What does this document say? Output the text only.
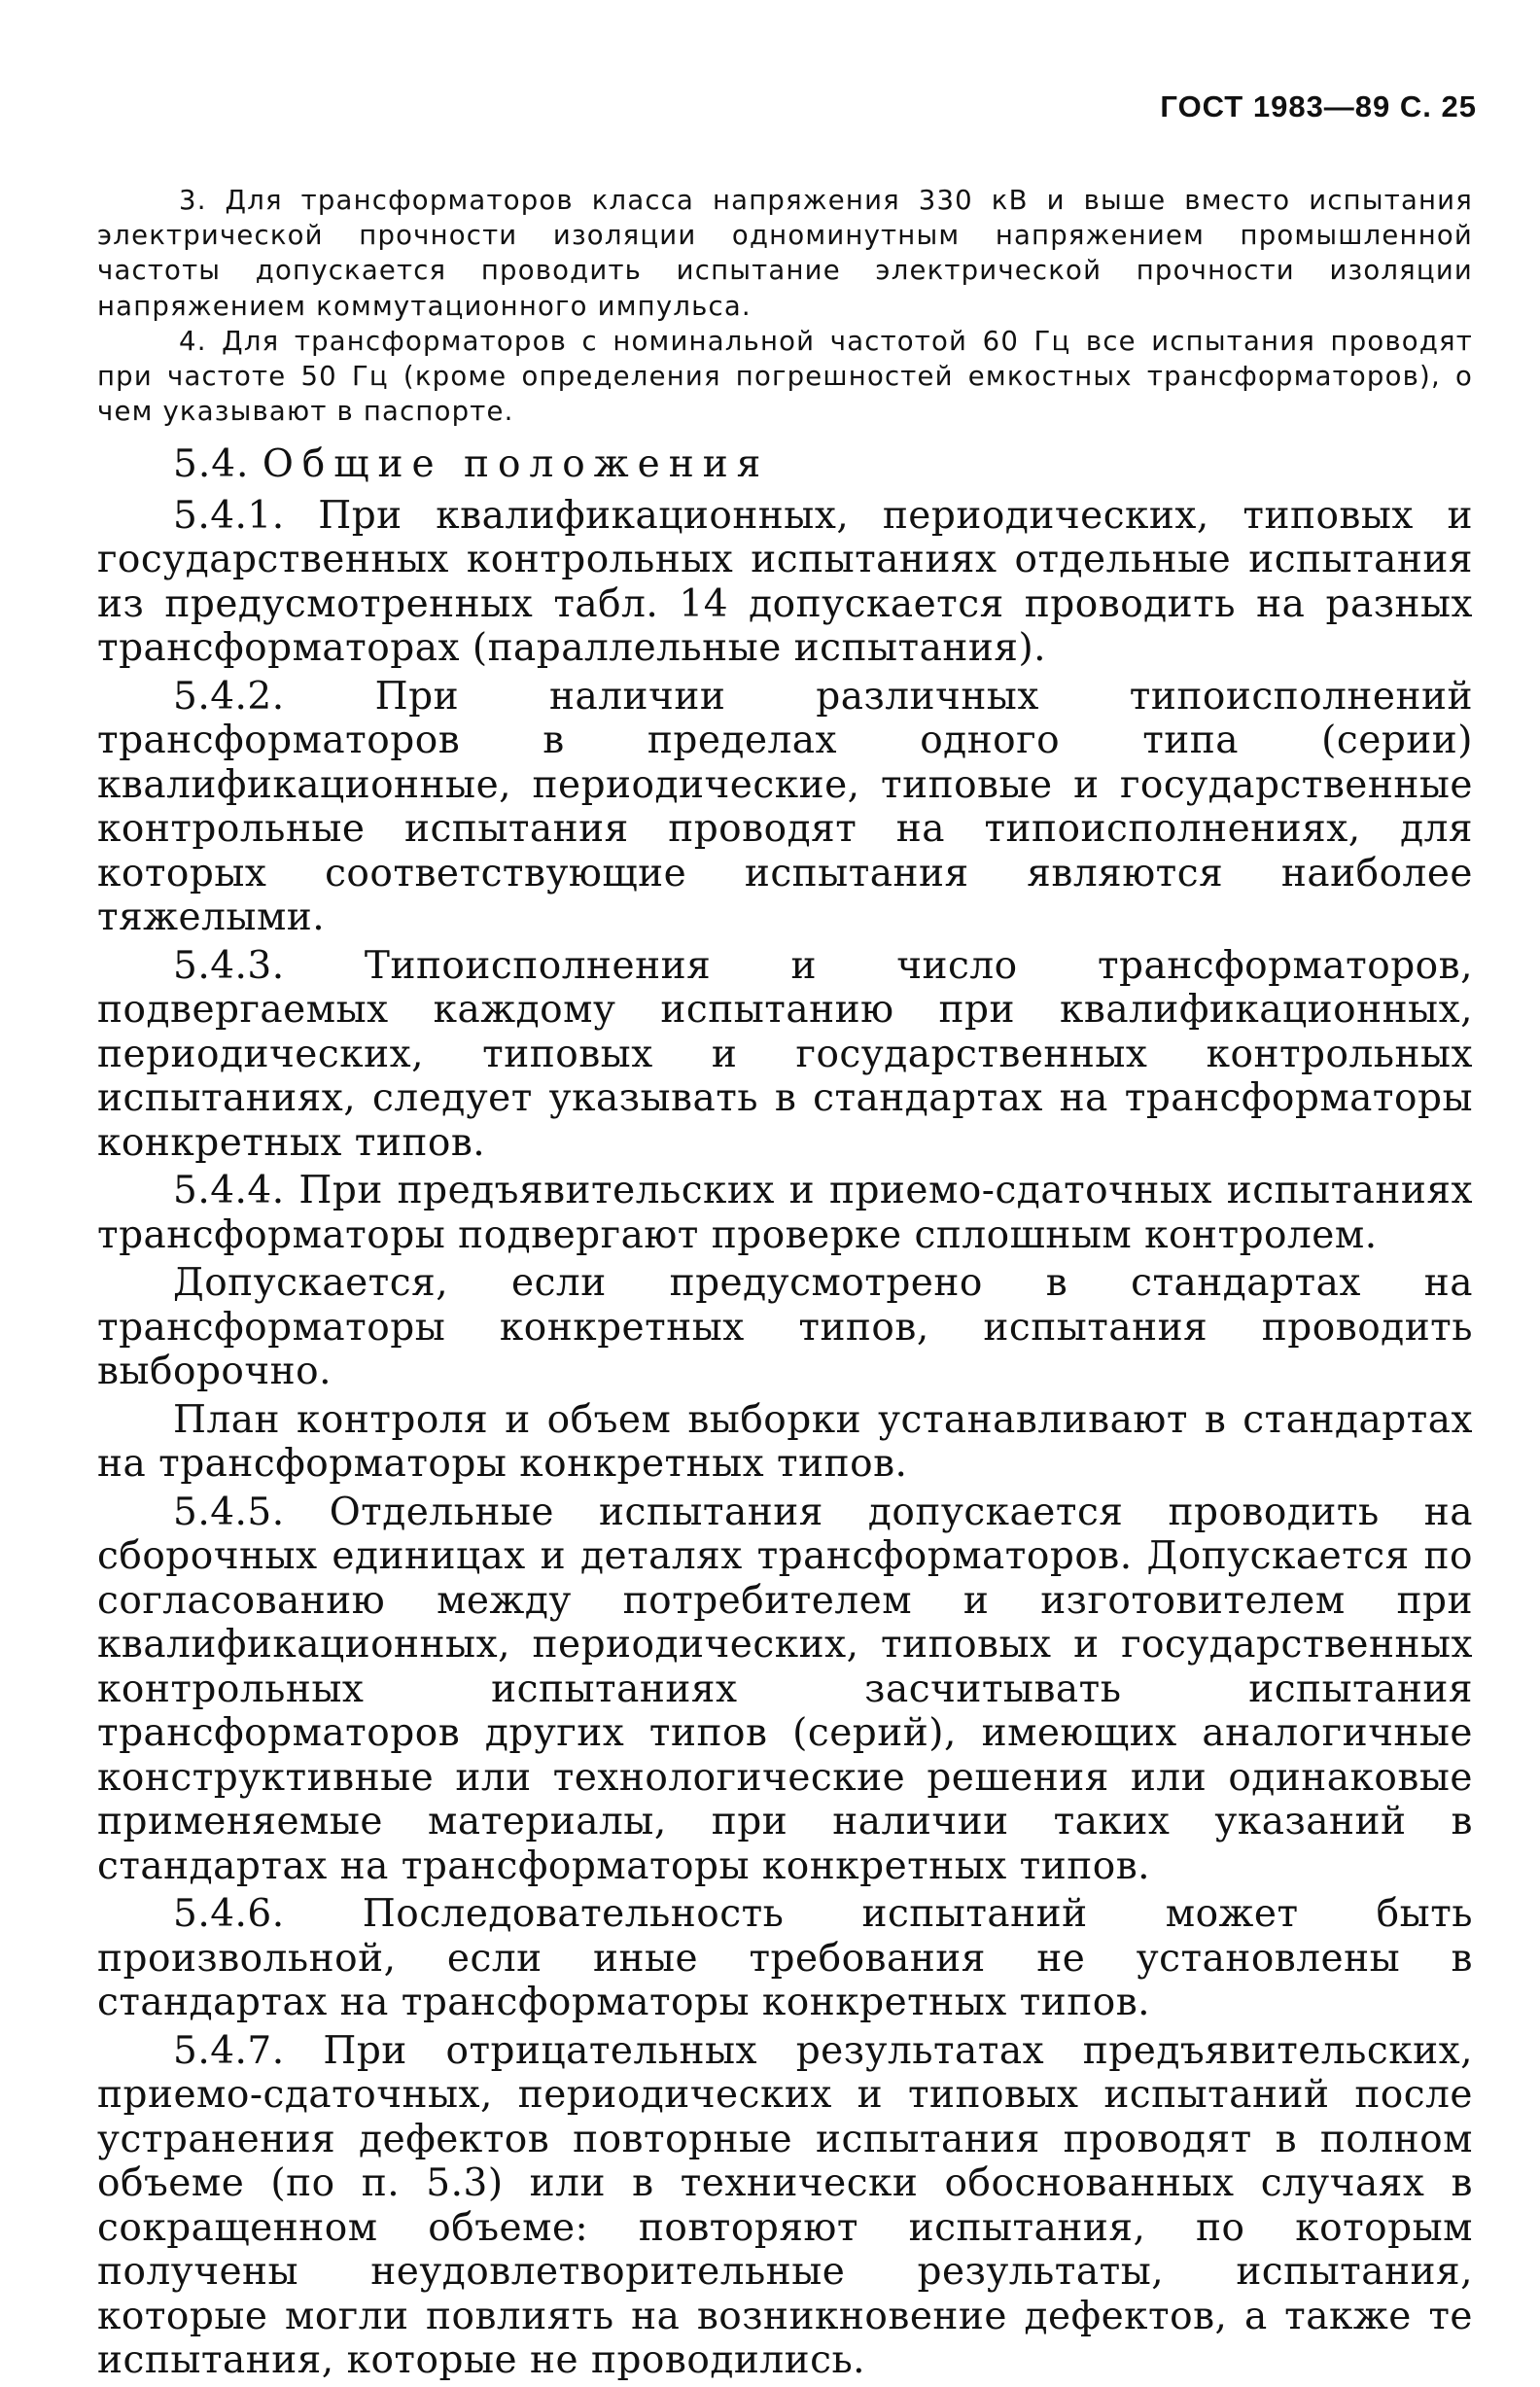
ГОСТ 1983—89 С. 25

3. Для трансформаторов класса напряжения 330 кВ и выше вместо испытания электрической прочности изоляции одноминутным напряжением промышленной частоты допускается проводить испытание электрической прочности изоляции напряжением коммутационного импульса.

4. Для трансформаторов с номинальной частотой 60 Гц все испытания проводят при частоте 50 Гц (кроме определения погрешностей емкостных трансформаторов), о чем указывают в паспорте.

5.4. Общие положения

5.4.1. При квалификационных, периодических, типовых и государственных контрольных испытаниях отдельные испытания из предусмотренных табл. 14 допускается проводить на разных трансформаторах (параллельные испытания).

5.4.2. При наличии различных типоисполнений трансформаторов в пределах одного типа (серии) квалификационные, периодические, типовые и государственные контрольные испытания проводят на типоисполнениях, для которых соответствующие испытания являются наиболее тяжелыми.

5.4.3. Типоисполнения и число трансформаторов, подвергаемых каждому испытанию при квалификационных, периодических, типовых и государственных контрольных испытаниях, следует указывать в стандартах на трансформаторы конкретных типов.

5.4.4. При предъявительских и приемо-сдаточных испытаниях трансформаторы подвергают проверке сплошным контролем.

Допускается, если предусмотрено в стандартах на трансформаторы конкретных типов, испытания проводить выборочно.

План контроля и объем выборки устанавливают в стандартах на трансформаторы конкретных типов.

5.4.5. Отдельные испытания допускается проводить на сборочных единицах и деталях трансформаторов. Допускается по согласованию между потребителем и изготовителем при квалификационных, периодических, типовых и государственных контрольных испытаниях засчитывать испытания трансформаторов других типов (серий), имеющих аналогичные конструктивные или технологические решения или одинаковые применяемые материалы, при наличии таких указаний в стандартах на трансформаторы конкретных типов.

5.4.6. Последовательность испытаний может быть произвольной, если иные требования не установлены в стандартах на трансформаторы конкретных типов.

5.4.7. При отрицательных результатах предъявительских, приемо-сдаточных, периодических и типовых испытаний после устранения дефектов повторные испытания проводят в полном объеме (по п. 5.3) или в технически обоснованных случаях в сокращенном объеме: повторяют испытания, по которым получены неудовлетворительные результаты, испытания, которые могли повлиять на возникновение дефектов, а также те испытания, которые не проводились.
